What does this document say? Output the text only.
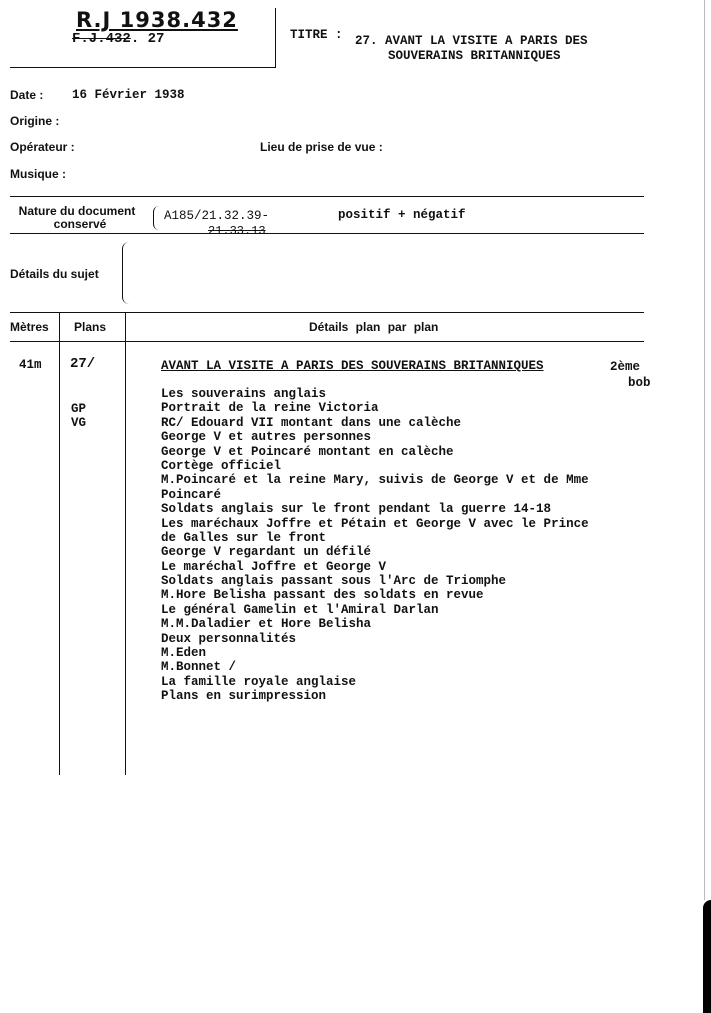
R.J 1938.432
F.J.432. 27	TITRE : 27. AVANT LA VISITE A PARIS DES
SOUVERAINS BRITANNIQUES
Date : 16 Février 1938
Origine :
Opérateur :	Lieu de prise de vue :
Musique :
Nature du document
conservé
A185/21.32.39-
21.33.13
positif + négatif
Détails du sujet
Mètres Plans	Détails plan par plan
41m 27/
GP
VG
AVANT LA VISITE A PARIS DES SOUVERAINS BRITANNIQUES	2ème
bob
Les souverains anglais
Portrait de la reine Victoria
RC/ Edouard VII montant dans une calèche
George V et autres personnes
George V et Poincaré montant en calèche
Cortège officiel
M.Poincaré et la reine Mary, suivis de George V et de Mme
Poincaré
Soldats anglais sur le front pendant la guerre 14-18
Les maréchaux Joffre et Pétain et George V avec le Prince
de Galles sur le front
George V regardant un défilé
Le maréchal Joffre et George V
Soldats anglais passant sous l'Arc de Triomphe
M.Hore Belisha passant des soldats en revue
Le général Gamelin et l'Amiral Darlan
M.M.Daladier et Hore Belisha
Deux personnalités
M.Eden
M.Bonnet /
La famille royale anglaise
Plans en surimpression
